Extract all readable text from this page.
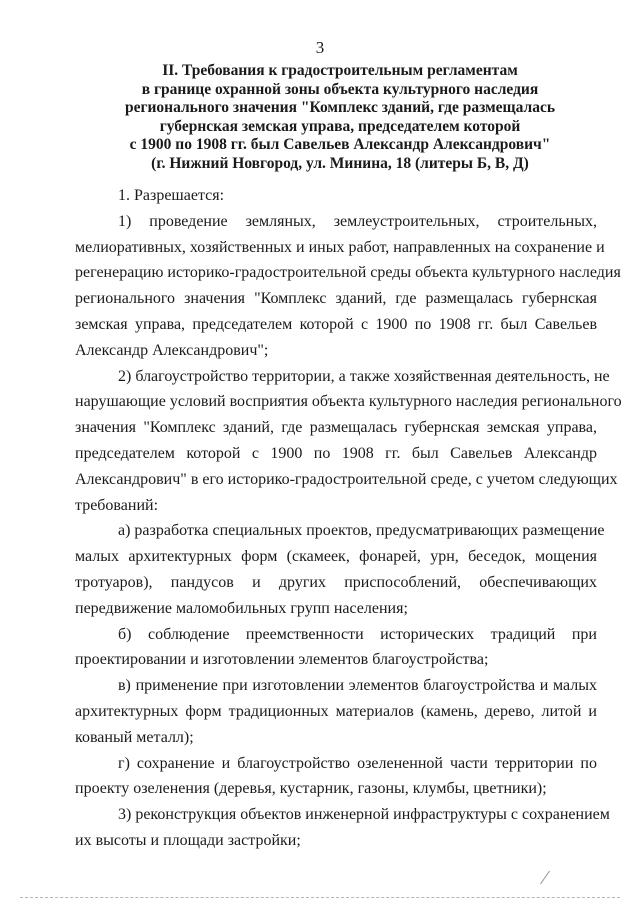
3
II. Требования к градостроительным регламентам
в границе охранной зоны объекта культурного наследия
регионального значения "Комплекс зданий, где размещалась
губернская земская управа, председателем которой
с 1900 по 1908 гг. был Савельев Александр Александрович"
(г. Нижний Новгород, ул. Минина, 18 (литеры Б, В, Д)
1. Разрешается:
1) проведение земляных, землеустроительных, строительных,
мелиоративных, хозяйственных и иных работ, направленных на сохранение и
регенерацию историко-градостроительной среды объекта культурного наследия
регионального значения "Комплекс зданий, где размещалась губернская
земская управа, председателем которой с 1900 по 1908 гг. был Савельев
Александр Александрович";
2) благоустройство территории, а также хозяйственная деятельность, не
нарушающие условий восприятия объекта культурного наследия регионального
значения "Комплекс зданий, где размещалась губернская земская управа,
председателем которой с 1900 по 1908 гг. был Савельев Александр
Александрович" в его историко-градостроительной среде, с учетом следующих
требований:
а) разработка специальных проектов, предусматривающих размещение
малых архитектурных форм (скамеек, фонарей, урн, беседок, мощения
тротуаров), пандусов и других приспособлений, обеспечивающих
передвижение маломобильных групп населения;
б) соблюдение преемственности исторических традиций при
проектировании и изготовлении элементов благоустройства;
в) применение при изготовлении элементов благоустройства и малых
архитектурных форм традиционных материалов (камень, дерево, литой и
кованый металл);
г) сохранение и благоустройство озелененной части территории по
проекту озеленения (деревья, кустарник, газоны, клумбы, цветники);
3) реконструкция объектов инженерной инфраструктуры с сохранением
их высоты и площади застройки;
